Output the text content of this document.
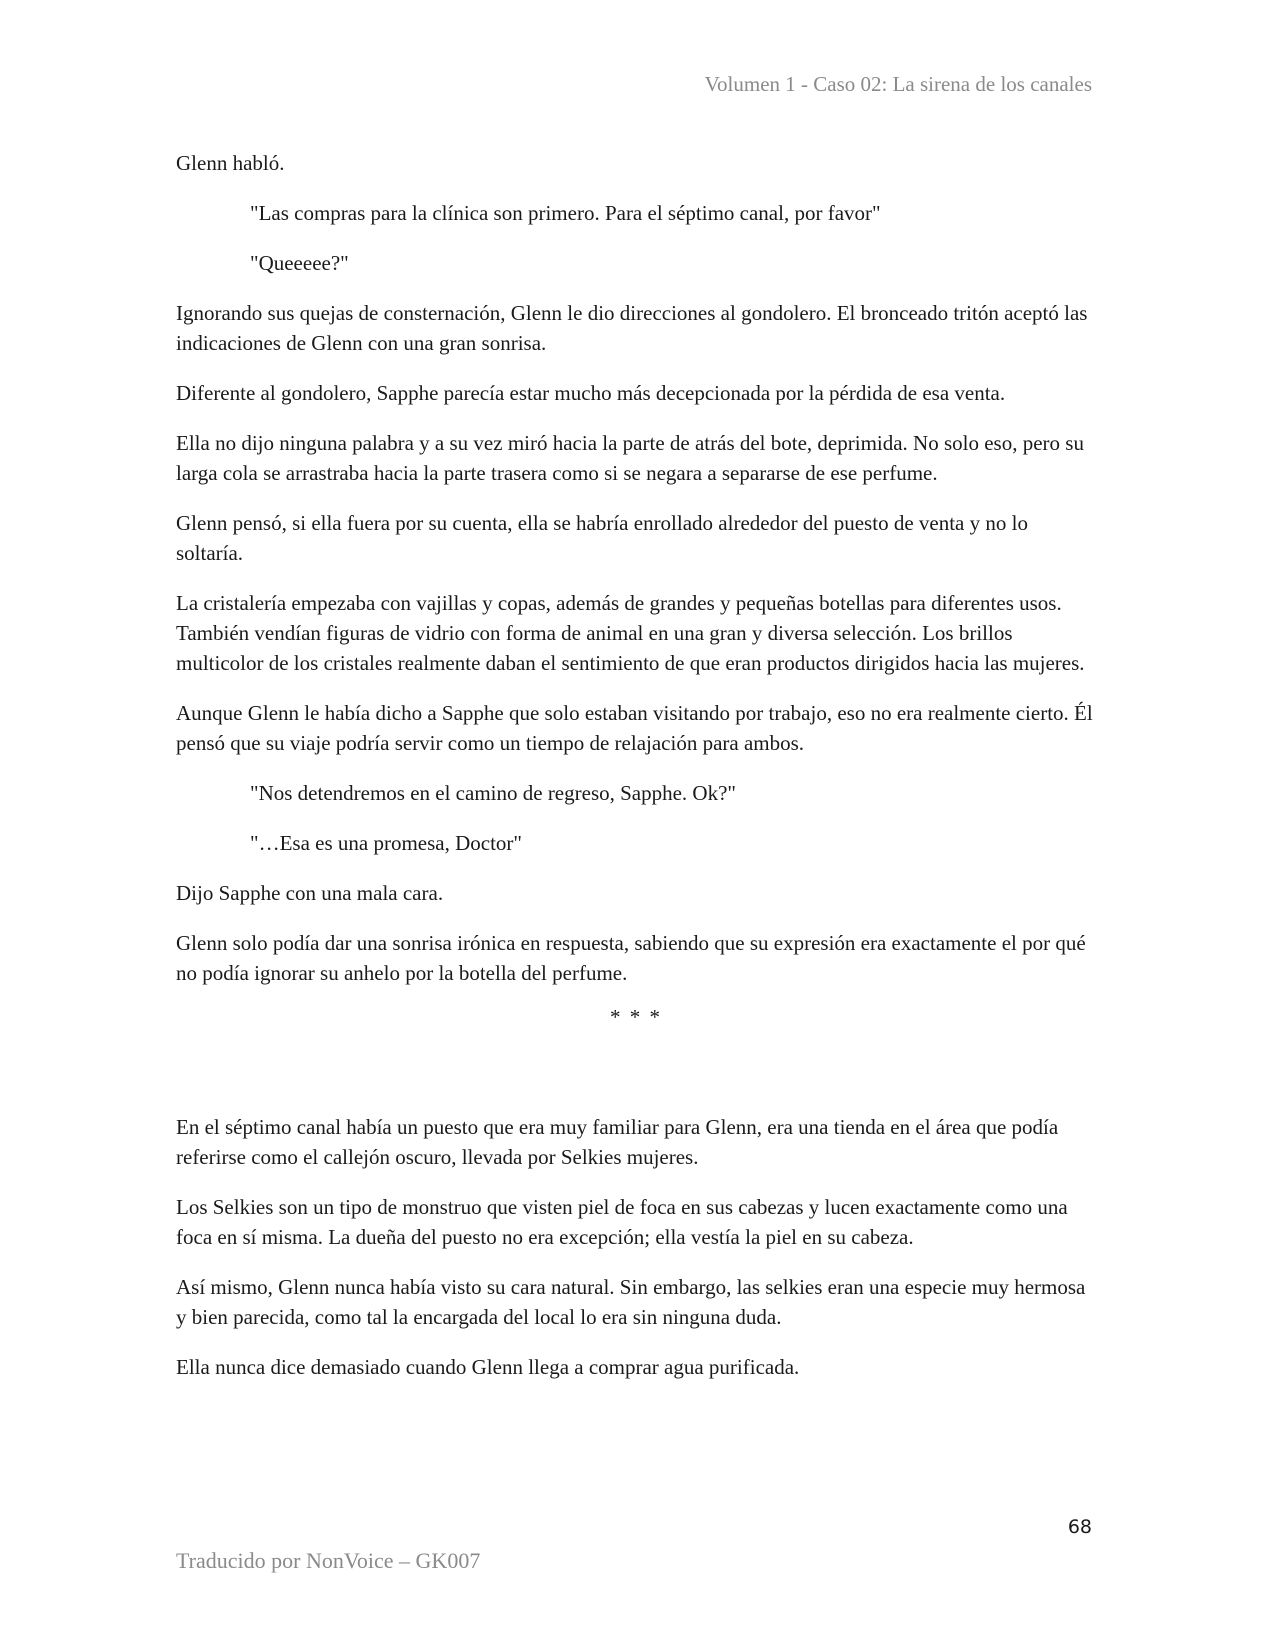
Volumen 1 - Caso 02: La sirena de los canales

Glenn habló.

"Las compras para la clínica son primero. Para el séptimo canal, por favor"

"Queeeee?"

Ignorando sus quejas de consternación, Glenn le dio direcciones al gondolero. El bronceado tritón aceptó las indicaciones de Glenn con una gran sonrisa.

Diferente al gondolero, Sapphe parecía estar mucho más decepcionada por la pérdida de esa venta.

Ella no dijo ninguna palabra y a su vez miró hacia la parte de atrás del bote, deprimida. No solo eso, pero su larga cola se arrastraba hacia la parte trasera como si se negara a separarse de ese perfume.

Glenn pensó, si ella fuera por su cuenta, ella se habría enrollado alrededor del puesto de venta y no lo soltaría.

La cristalería empezaba con vajillas y copas, además de grandes y pequeñas botellas para diferentes usos. También vendían figuras de vidrio con forma de animal en una gran y diversa selección. Los brillos multicolor de los cristales realmente daban el sentimiento de que eran productos dirigidos hacia las mujeres.

Aunque Glenn le había dicho a Sapphe que solo estaban visitando por trabajo, eso no era realmente cierto. Él pensó que su viaje podría servir como un tiempo de relajación para ambos.

"Nos detendremos en el camino de regreso, Sapphe. Ok?"

"…Esa es una promesa, Doctor"

Dijo Sapphe con una mala cara.

Glenn solo podía dar una sonrisa irónica en respuesta, sabiendo que su expresión era exactamente el por qué no podía ignorar su anhelo por la botella del perfume.

* * *

En el séptimo canal había un puesto que era muy familiar para Glenn, era una tienda en el área que podía referirse como el callejón oscuro, llevada por Selkies mujeres.

Los Selkies son un tipo de monstruo que visten piel de foca en sus cabezas y lucen exactamente como una foca en sí misma. La dueña del puesto no era excepción; ella vestía la piel en su cabeza.

Así mismo, Glenn nunca había visto su cara natural. Sin embargo, las selkies eran una especie muy hermosa y bien parecida, como tal la encargada del local lo era sin ninguna duda.

Ella nunca dice demasiado cuando Glenn llega a comprar agua purificada.

68
Traducido por NonVoice – GK007
